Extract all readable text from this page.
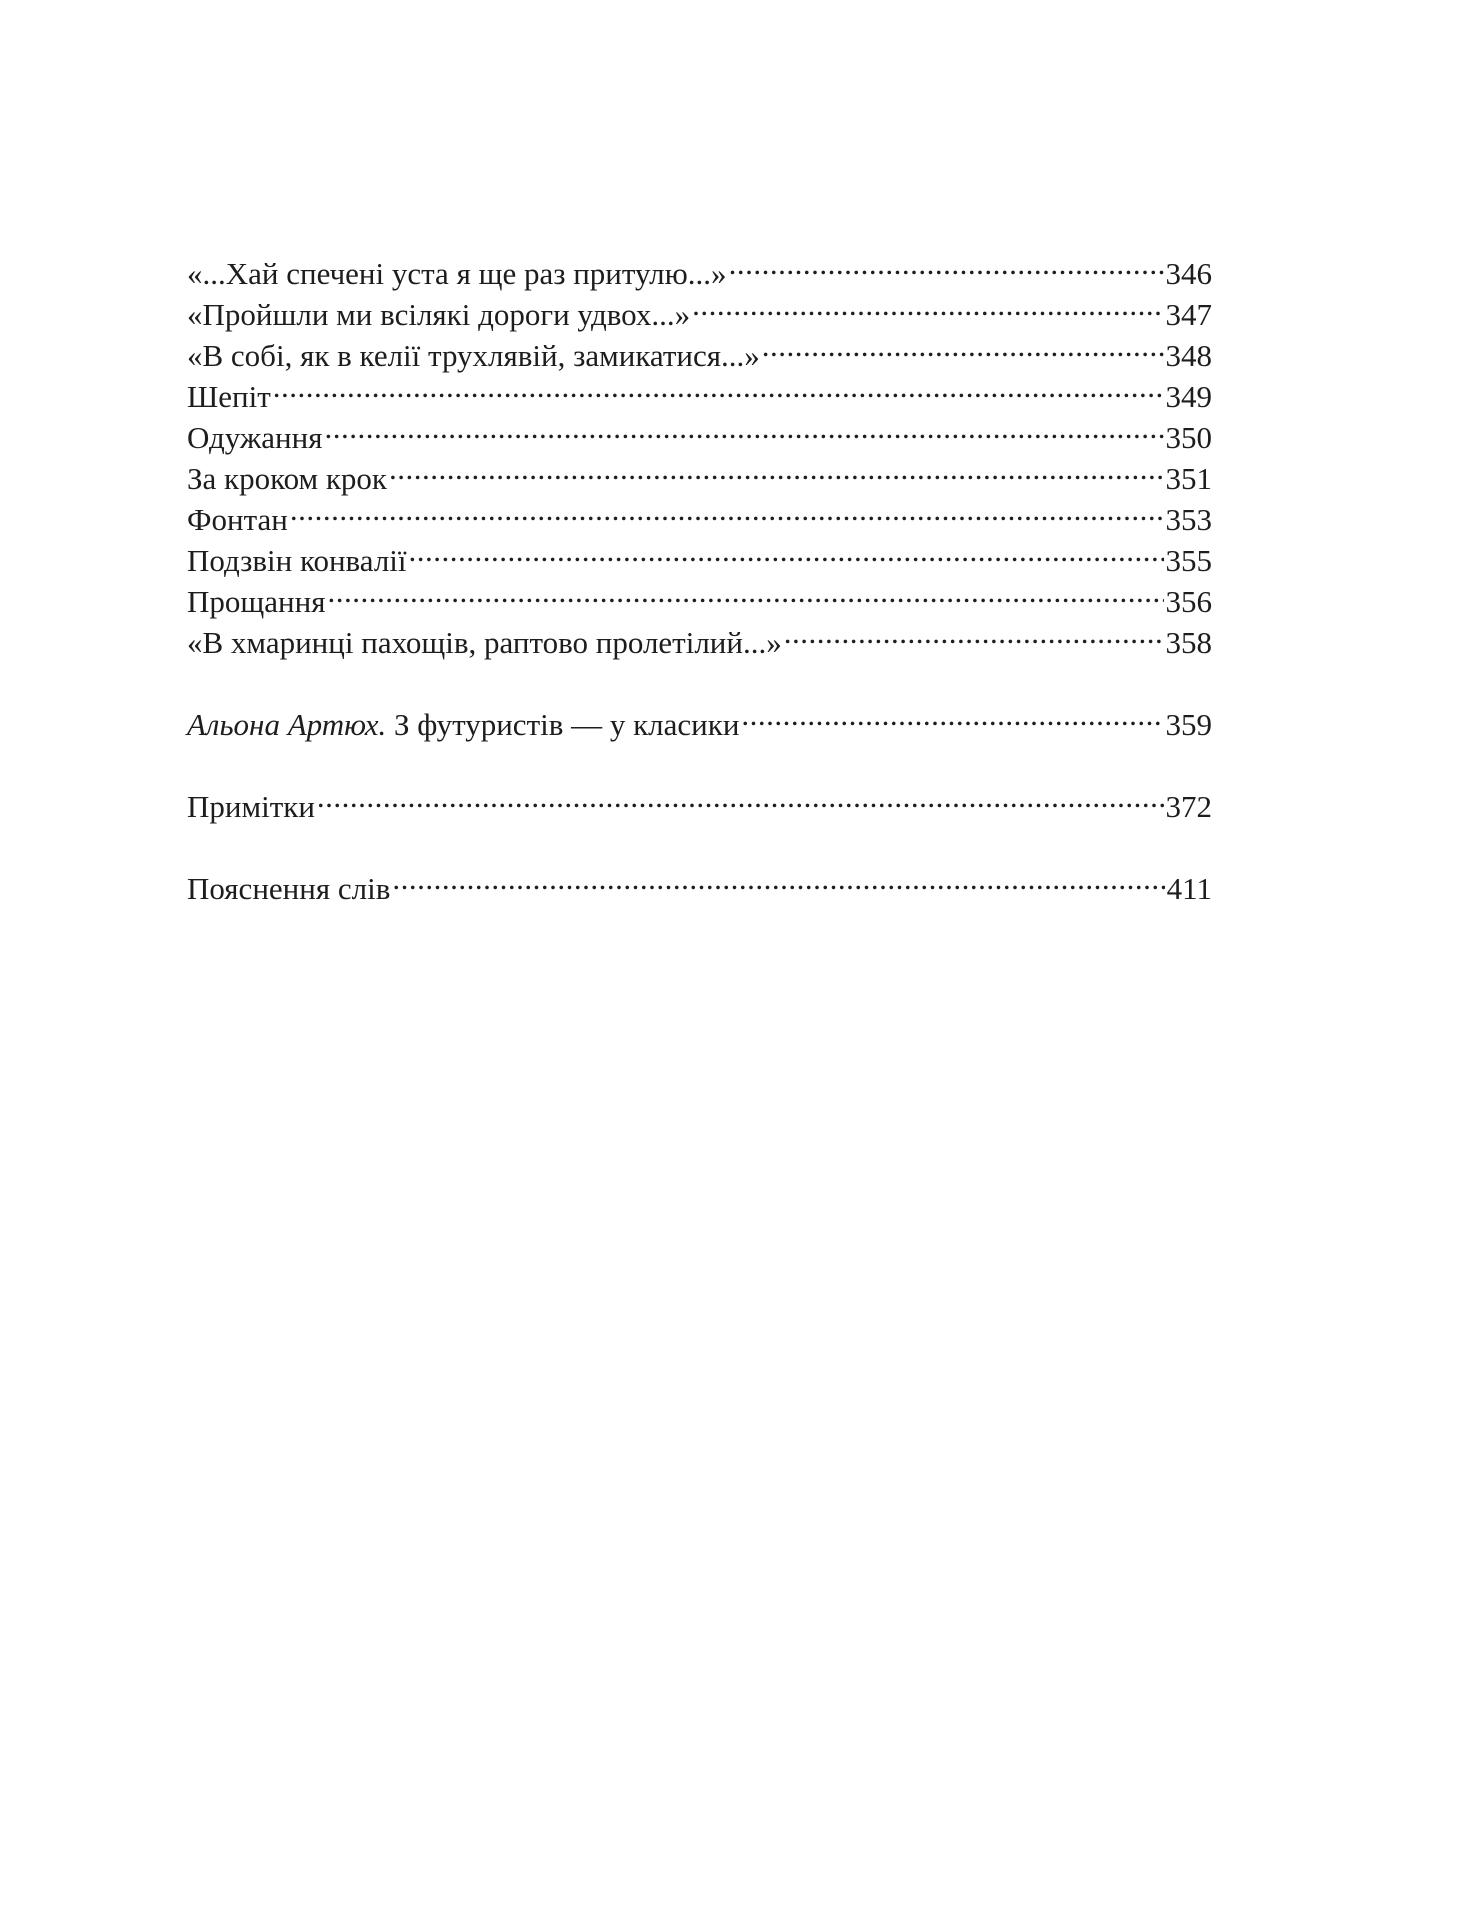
«...Хай спечені уста я ще раз притулю...» .....	346
«Пройшли ми всілякі дороги удвох...» .....	347
«В собі, як в келії трухлявій, замикатися...» .....	348
Шепіт .....	349
Одужання .....	350
За кроком крок .....	351
Фонтан .....	353
Подзвін конвалії .....	355
Прощання .....	356
«В хмаринці пахощів, раптово пролетілий...» .....	358
Альона Артюх. З футуристів — у класики .....	359
Примітки .....	372
Пояснення слів .....	411
